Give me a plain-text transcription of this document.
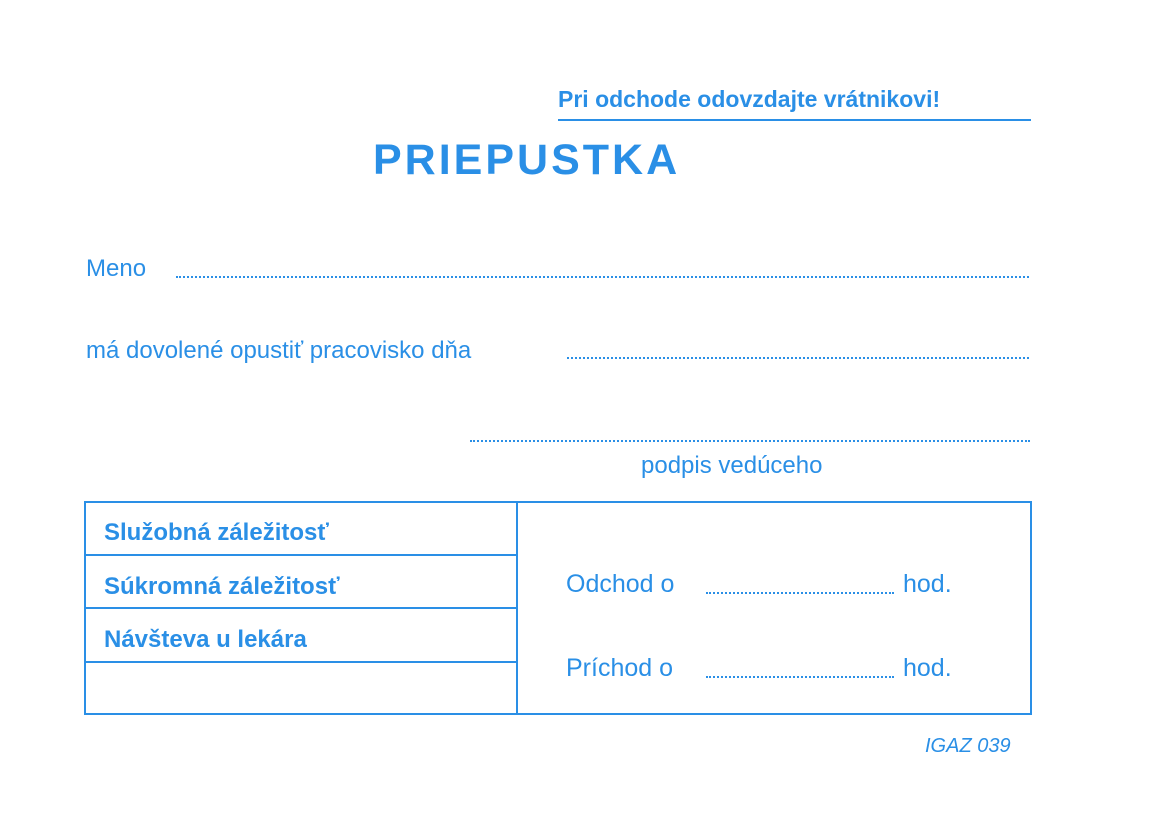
Pri odchode odovzdajte vrátnikovi!
PRIEPUSTKA
Meno
má dovolené opustiť pracovisko dňa
podpis vedúceho
Služobná záležitosť
Súkromná záležitosť
Návšteva u lekára
Odchod o	hod.
Príchod o	hod.
IGAZ 039
